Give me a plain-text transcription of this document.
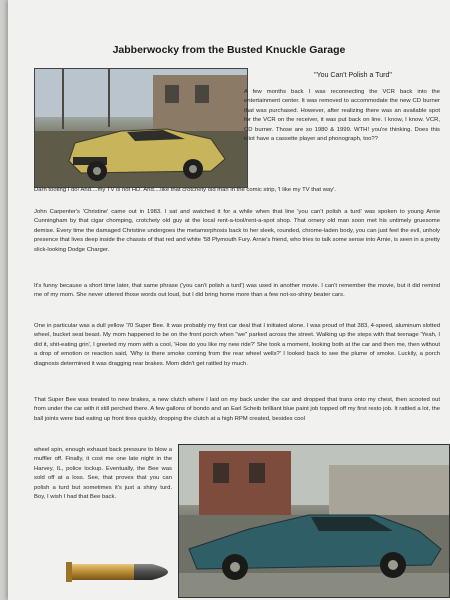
Jabberwocky from the Busted Knuckle Garage
"You Can't Polish a Turd"

A few months back I was reconnecting the VCR back into the entertainment center. It was removed to accommodate the new CD burner that was purchased. However, after realizing there was an available spot for the VCR on the receiver, it was put back on line. I know, I know. VCR, CD burner. Those are so 1980 & 1999. WTH! you're thinking. Does this idiot have a cassette player and phonograph, too??

Darn tooting I do! And....my TV is not HD. And....like that crotchety old man in the comic strip, 'I like my TV that way'.

John Carpenter's 'Christine' came out in 1983. I sat and watched it for a while when that line 'you can't polish a turd' was spoken to young Arnie Cunningham by that cigar chomping, crotchety old guy at the local rent-a-tool/rent-a-spot shop. That ornery old man soon met his untimely gruesome demise. Every time the damaged Christine undergoes the metamorphosis back to her sleek, rounded, chrome-laden body, you can just feel the evil, unholy presence that lives deep inside the chassis of that red and white '58 Plymouth Fury. Arnie's friend, who tries to talk some sense into Arnie, is seen in a pretty slick-looking Dodge Charger.

It's funny because a short time later, that same phrase ('you can't polish a turd') was used in another movie. I can't remember the movie, but it did remind me of my mom. She never uttered those words out loud, but I did bring home more than a few not-so-shiny beater cars.

One in particular was a dull yellow '70 Super Bee. It was probably my first car deal that I initiated alone. I was proud of that 383, 4-speed, aluminum slotted wheel, bucket seat beast. My mom happened to be on the front porch when "we" parked across the street. Walking up the steps with that teenage 'Yeah, I did it, shit-eating grin', I greeted my mom with a cool, 'How do you like my new ride?' She took a moment, looking both at the car and then me, then without a drop of emotion or reaction said, 'Why is there smoke coming from the rear wheel wells?' I looked back to see the plume of smoke. Luckily, a porch diagnosis determined it was dragging rear brakes. Mom didn't get rattled by much.

That Super Bee was treated to new brakes, a new clutch where I laid on my back under the car and dropped that trans onto my chest, then scooted out from under the car with it still perched there. A few gallons of bondo and an Earl Scheib brilliant blue paint job topped off my first resto job. It rattled a lot, the ball joints were bad eating up front tires quickly, dropping the clutch at a high RPM created, besides cool

wheel spin, enough exhaust back pressure to blow a muffler off. Finally, it cost me one late night in the Harvey, IL, police lockup. Eventually, the Bee was sold off at a loss. See, that proves that you can polish a turd but sometimes it's just a shiny turd. Boy, I wish I had that Bee back.
